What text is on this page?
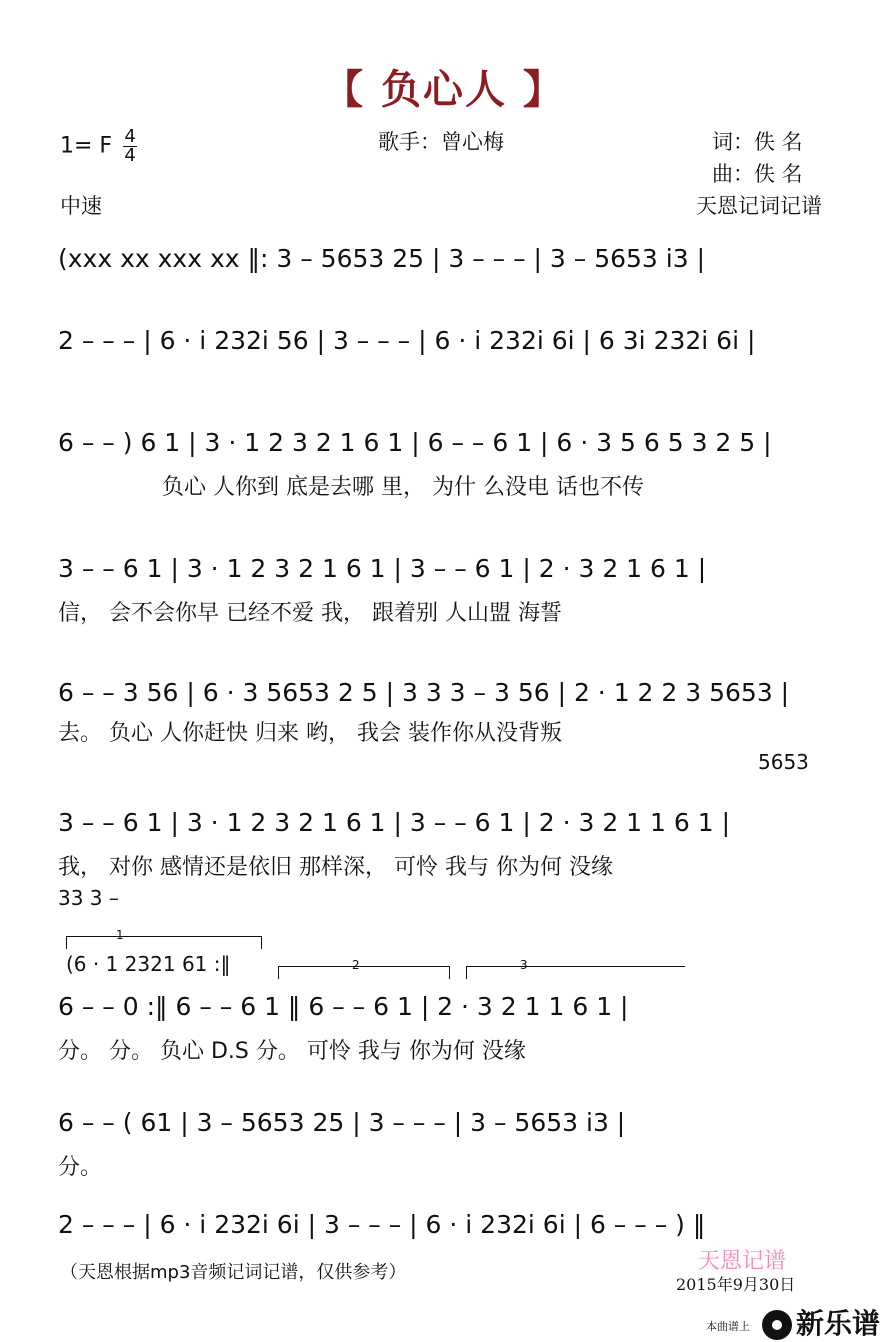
【 负心人 】
歌手：曾心梅	词：佚 名
曲：佚 名
天恩记词记谱
1= F $\frac{4}{4}$
中速
(xxx xx xxx xx ‖: 3 – 5653 25 | 3 – – – | 3 – 5653 i3 |
2 – – – | 6 · i 232i 56 | 3 – – – | 6 · i 232i 6i | 6 3i 232i 6i |
6 – – ) 6 1 | 3 · 1 2 3 2 1 6 1 | 6 – – 6 1 | 6 · 3 5 6 5 3 2 5 |
负心 人你到 底是去哪 里， 为什 么没电 话也不传
3 – – 6 1 | 3 · 1 2 3 2 1 6 1 | 3 – – 6 1 | 2 · 3 2 1 6 1 |
信， 会不会你早 已经不爱 我， 跟着别 人山盟 海誓
6 – – 3 56 | 6 · 3 5653 2 5 | 3 3 3 – 3 56 | 2 · 1 2 2 3 5653 |
去。 负心 人你赶快 归来 哟， 我会 装作你从没背叛
5653
3 – – 6 1 | 3 · 1 2 3 2 1 6 1 | 3 – – 6 1 | 2 · 3 2 1 1 6 1 |
我， 对你 感情还是依旧 那样深， 可怜 我与 你为何 没缘
33 3 –
1
(6 · 1 2321 61 :‖	2	3
6 – – 0 :‖ 6 – – 6 1 ‖ 6 – – 6 1 | 2 · 3 2 1 1 6 1 |
分。 分。 负心 D.S 分。 可怜 我与 你为何 没缘
6 – – ( 61 | 3 – 5653 25 | 3 – – – | 3 – 5653 i3 |
分。
2 – – – | 6 · i 232i 6i | 3 – – – | 6 · i 232i 6i | 6 – – – ) ‖
（天恩根据mp3音频记词记谱，仅供参考）	天恩记谱
2015年9月30日
本曲谱上	新乐谱
